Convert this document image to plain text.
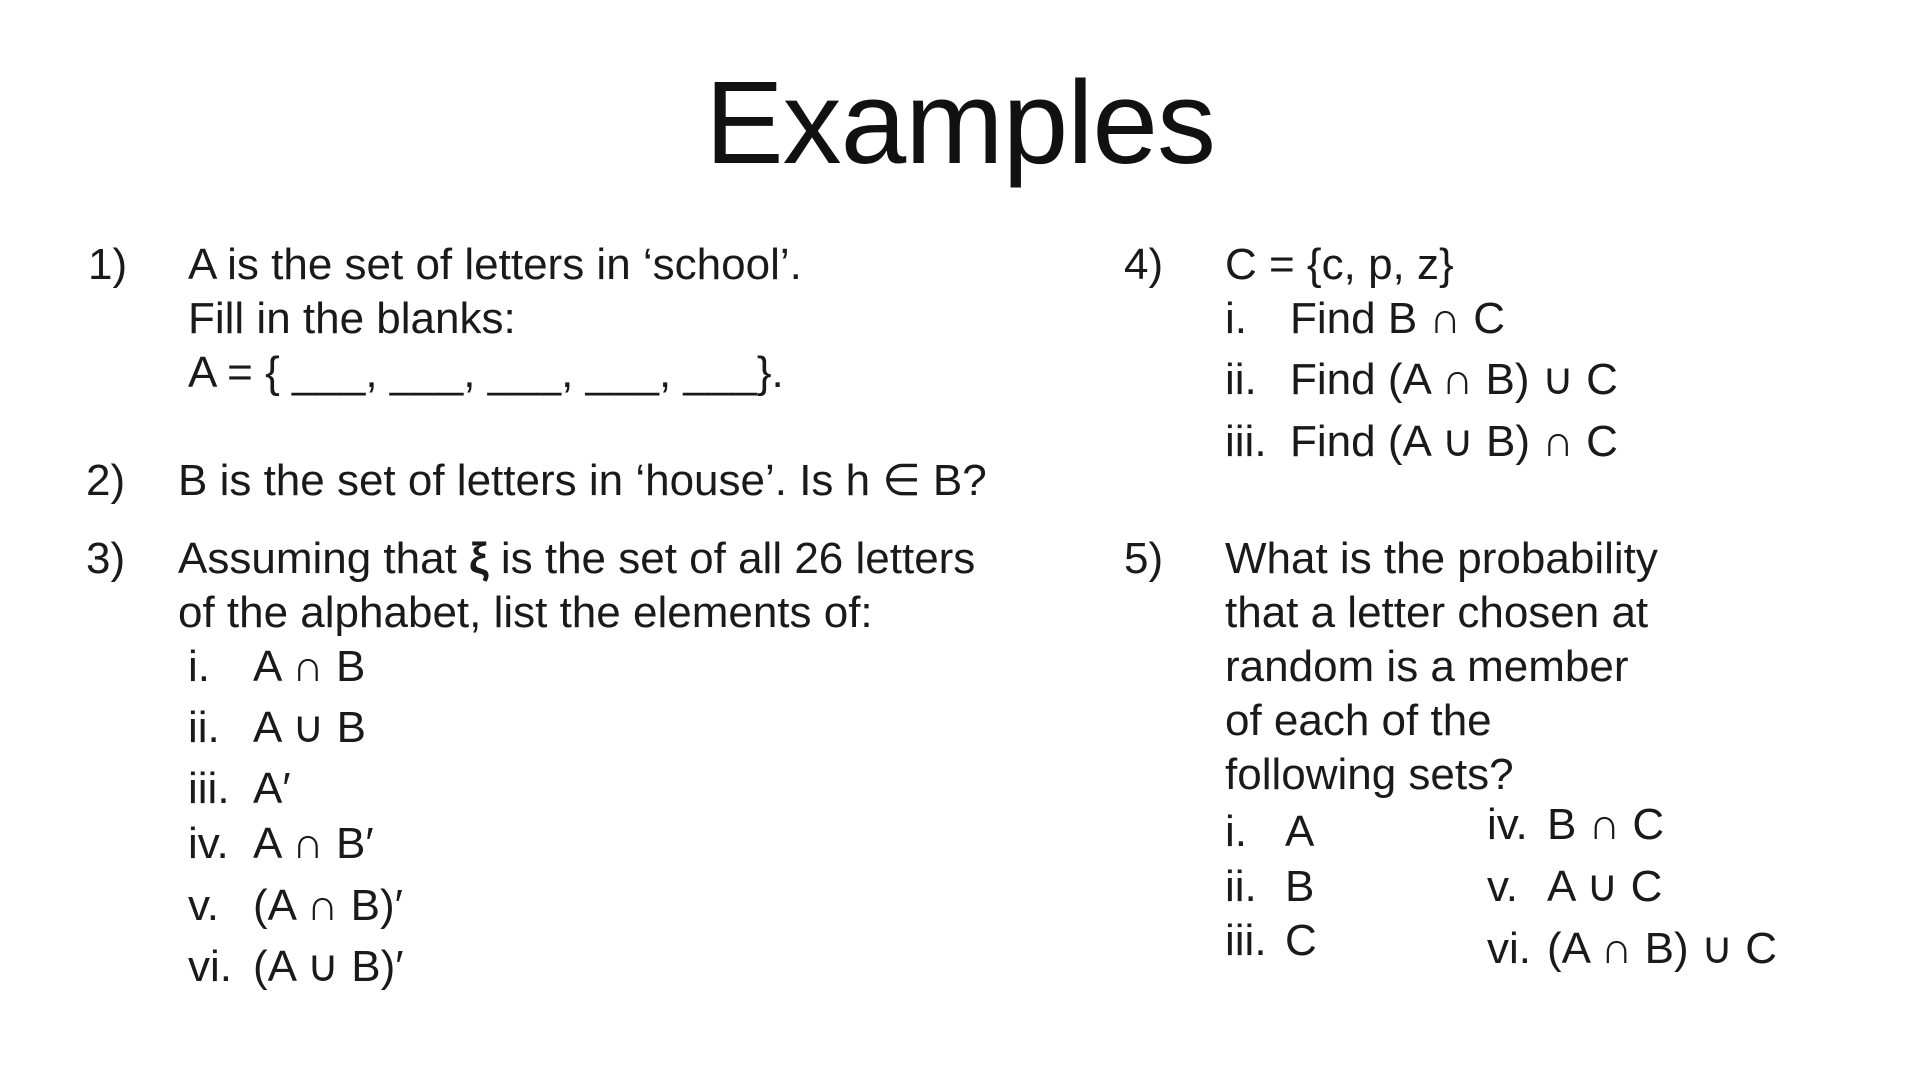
Examples
1) A is the set of letters in ‘school’.
Fill in the blanks:
A = { ___, ___, ___, ___, ___}.
2) B is the set of letters in ‘house’. Is h ∈ B?
3) Assuming that ξ is the set of all 26 letters
of the alphabet, list the elements of:
i. A ∩ B
ii. A ∪ B
iii. A′
iv. A ∩ B′
v. (A ∩ B)′
vi. (A ∪ B)′
4) C = {c, p, z}
i. Find B ∩ C
ii. Find (A ∩ B) ∪ C
iii. Find (A ∪ B) ∩ C
5) What is the probability
that a letter chosen at
random is a member
of each of the
following sets?
i. A
ii. B
iii. C
iv. B ∩ C
v. A ∪ C
vi. (A ∩ B) ∪ C
